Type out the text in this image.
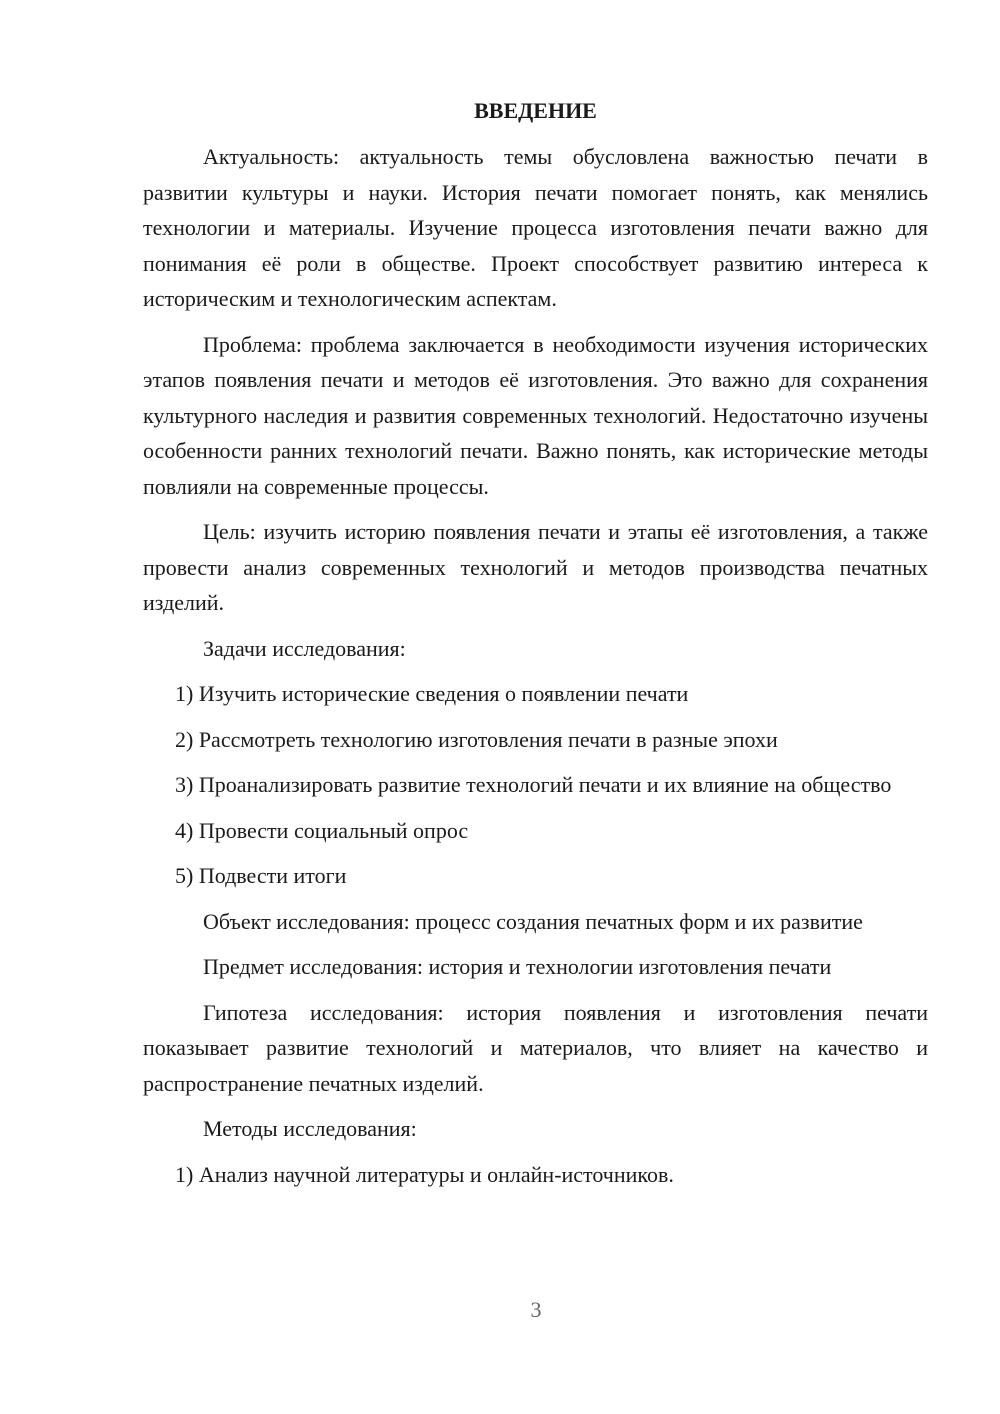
ВВЕДЕНИЕ

Актуальность: актуальность темы обусловлена важностью печати в развитии культуры и науки. История печати помогает понять, как менялись технологии и материалы. Изучение процесса изготовления печати важно для понимания её роли в обществе. Проект способствует развитию интереса к историческим и технологическим аспектам.

Проблема: проблема заключается в необходимости изучения исторических этапов появления печати и методов её изготовления. Это важно для сохранения культурного наследия и развития современных технологий. Недостаточно изучены особенности ранних технологий печати. Важно понять, как исторические методы повлияли на современные процессы.

Цель: изучить историю появления печати и этапы её изготовления, а также провести анализ современных технологий и методов производства печатных изделий.

Задачи исследования:
1) Изучить исторические сведения о появлении печати
2) Рассмотреть технологию изготовления печати в разные эпохи
3) Проанализировать развитие технологий печати и их влияние на общество
4) Провести социальный опрос
5) Подвести итоги

Объект исследования: процесс создания печатных форм и их развитие

Предмет исследования: история и технологии изготовления печати

Гипотеза исследования: история появления и изготовления печати показывает развитие технологий и материалов, что влияет на качество и распространение печатных изделий.

Методы исследования:
1) Анализ научной литературы и онлайн-источников.
3
